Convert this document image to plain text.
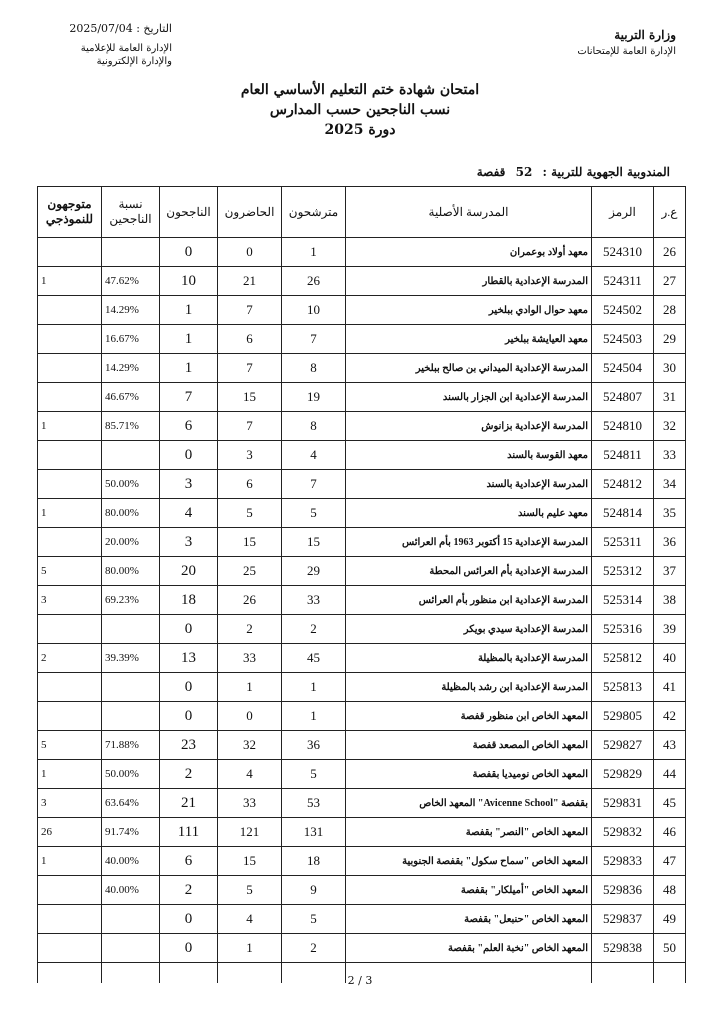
وزارة التربية
الإدارة العامة للإمتحانات
التاريخ : 2025/07/04
الإدارة العامة للإعلامية
والإدارة الإلكترونية
امتحان شهادة ختم التعليم الأساسي العام
نسب الناجحين حسب المدارس
دورة 2025
المندوبية الجهوية للتربية : 52 قفصة
ع.ر	الرمز	المدرسة الأصلية	مترشحون	الحاضرون	الناجحون	نسبة الناجحين	متوجهون للنموذجي
26	524310	معهد أولاد بوعمران	1	0	0		
27	524311	المدرسة الإعدادية بالقطار	26	21	10	47.62%	1
28	524502	معهد حوال الوادي ببلخير	10	7	1	14.29%	
29	524503	معهد العيايشة ببلخير	7	6	1	16.67%	
30	524504	المدرسة الإعدادية الميداني بن صالح ببلخير	8	7	1	14.29%	
31	524807	المدرسة الإعدادية ابن الجزار بالسند	19	15	7	46.67%	
32	524810	المدرسة الإعدادية بزانوش	8	7	6	85.71%	1
33	524811	معهد القوسة بالسند	4	3	0		
34	524812	المدرسة الإعدادية بالسند	7	6	3	50.00%	
35	524814	معهد عليم بالسند	5	5	4	80.00%	1
36	525311	المدرسة الإعدادية 15 أكتوبر 1963 بأم العرائس	15	15	3	20.00%	
37	525312	المدرسة الإعدادية بأم العرائس المحطة	29	25	20	80.00%	5
38	525314	المدرسة الإعدادية ابن منظور بأم العرائس	33	26	18	69.23%	3
39	525316	المدرسة الإعدادية سيدي بويكر	2	2	0		
40	525812	المدرسة الإعدادية بالمظيلة	45	33	13	39.39%	2
41	525813	المدرسة الإعدادية ابن رشد بالمظيلة	1	1	0		
42	529805	المعهد الخاص ابن منظور قفصة	1	0	0		
43	529827	المعهد الخاص المصعد قفصة	36	32	23	71.88%	5
44	529829	المعهد الخاص نوميديا بقفصة	5	4	2	50.00%	1
45	529831	بقفصة "Avicenne School" المعهد الخاص	53	33	21	63.64%	3
46	529832	المعهد الخاص "النصر" بقفصة	131	121	111	91.74%	26
47	529833	المعهد الخاص "سماح سكول" بقفصة الجنوبية	18	15	6	40.00%	1
48	529836	المعهد الخاص "أميلكار" بقفصة	9	5	2	40.00%	
49	529837	المعهد الخاص "حنبعل" بقفصة	5	4	0		
50	529838	المعهد الخاص "نخبة العلم" بقفصة	2	1	0		

2 / 3
